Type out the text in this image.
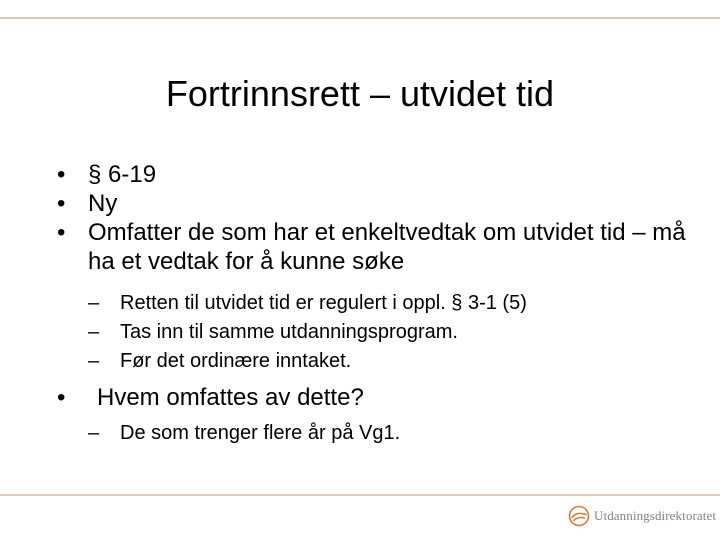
Fortrinnsrett – utvidet tid
• § 6-19
• Ny
• Omfatter de som har et enkeltvedtak om utvidet tid – må ha et vedtak for å kunne søke
– Retten til utvidet tid er regulert i oppl. § 3-1 (5)
– Tas inn til samme utdanningsprogram.
– Før det ordinære inntaket.
• Hvem omfattes av dette?
– De som trenger flere år på Vg1.
Utdanningsdirektoratet
